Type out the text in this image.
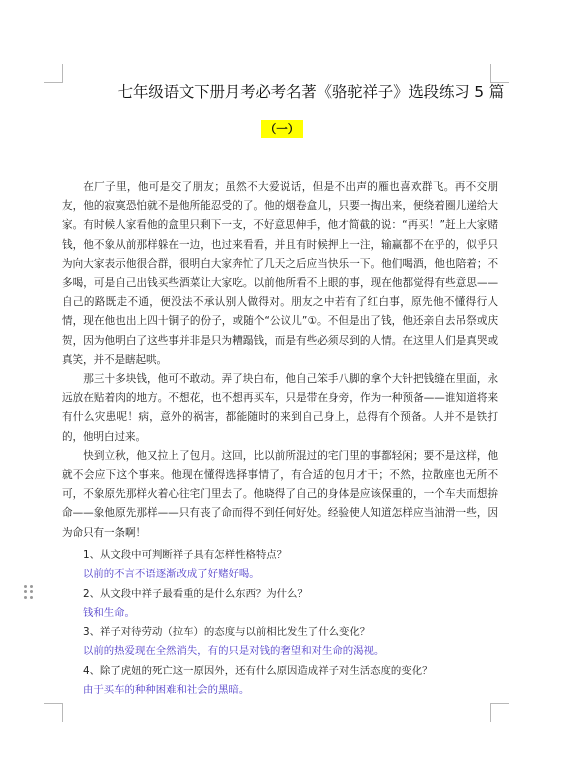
七年级语文下册月考必考名著《骆驼祥子》选段练习 5 篇
（一）

在厂子里，他可是交了朋友；虽然不大爱说话，但是不出声的雁也喜欢群飞。再不交朋友，他的寂寞恐怕就不是他所能忍受的了。他的烟卷盒儿，只要一掏出来，便绕着圈儿递给大家。有时候人家看他的盒里只剩下一支，不好意思伸手，他才简截的说：“再买！”赶上大家赌钱，他不象从前那样躲在一边，也过来看看，并且有时候押上一注，输赢都不在乎的，似乎只为向大家表示他很合群，很明白大家奔忙了几天之后应当快乐一下。他们喝酒，他也陪着；不多喝，可是自己出钱买些酒菜让大家吃。以前他所看不上眼的事，现在他都觉得有些意思——自己的路既走不通，便没法不承认别人做得对。朋友之中若有了红白事，原先他不懂得行人情，现在他也出上四十铜子的份子，或随个“公议儿”①。不但是出了钱，他还亲自去吊祭或庆贺，因为他明白了这些事并非是只为糟蹋钱，而是有些必须尽到的人情。在这里人们是真哭或真笑，并不是瞎起哄。

那三十多块钱，他可不敢动。弄了块白布，他自己笨手八脚的拿个大针把钱缝在里面，永远放在贴着肉的地方。不想花，也不想再买车，只是带在身旁，作为一种预备——谁知道将来有什么灾患呢！病，意外的祸害，都能随时的来到自己身上，总得有个预备。人并不是铁打的，他明白过来。

快到立秋，他又拉上了包月。这回，比以前所混过的宅门里的事都轻闲；要不是这样，他就不会应下这个事来。他现在懂得选择事情了，有合适的包月才干；不然，拉散座也无所不可，不象原先那样火着心往宅门里去了。他晓得了自己的身体是应该保重的，一个车夫而想拚命——象他原先那样——只有丧了命而得不到任何好处。经验使人知道怎样应当油滑一些，因为命只有一条啊！

1、从文段中可判断祥子具有怎样性格特点？
以前的不言不语逐渐改成了好赌好喝。
2、从文段中祥子最看重的是什么东西？为什么？
钱和生命。
3、祥子对待劳动（拉车）的态度与以前相比发生了什么变化？
以前的热爱现在全然消失，有的只是对钱的奢望和对生命的渴视。
4、除了虎妞的死亡这一原因外，还有什么原因造成祥子对生活态度的变化？
由于买车的种种困难和社会的黑暗。
